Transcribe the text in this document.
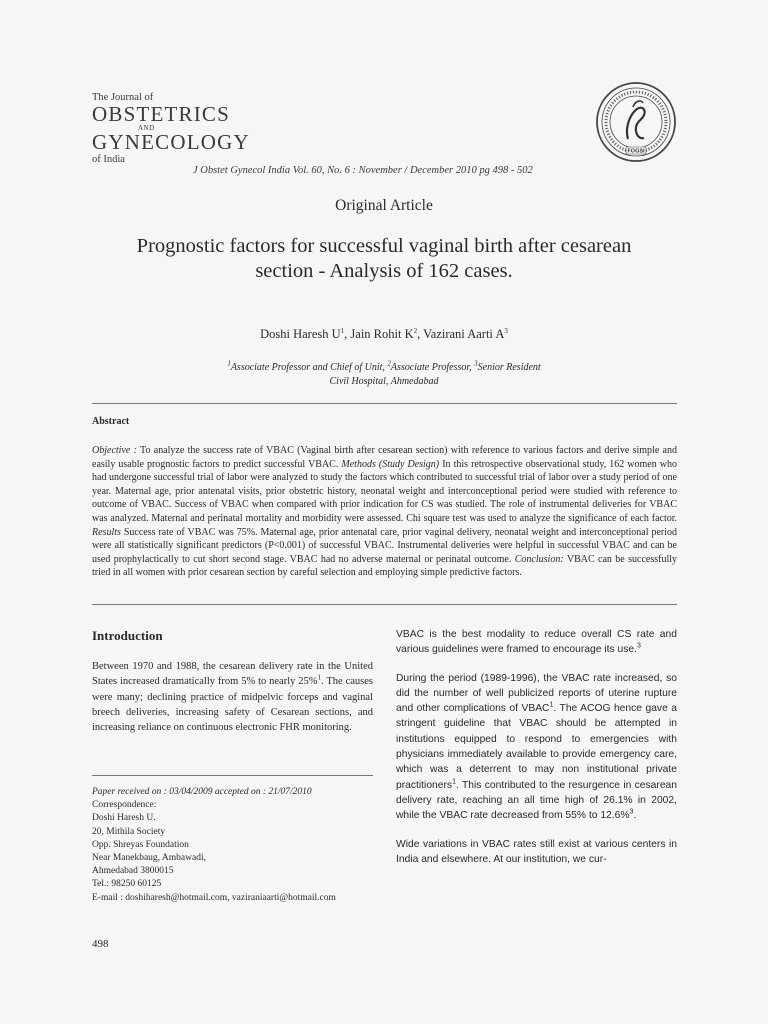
The Journal of
OBSTETRICS
AND
GYNECOLOGY
of India
FOGSI
J Obstet Gynecol India Vol. 60, No. 6 : November / December 2010 pg 498 - 502
Original Article
Prognostic factors for successful vaginal birth after cesarean
section - Analysis of 162 cases.
Doshi Haresh $U^1$, Jain Rohit $K^2$, Vazirani Aarti $A^3$
$^1$Associate Professor and Chief of Unit, $^2$Associate Professor, $^3$Senior Resident
Civil Hospital, Ahmedabad
Abstract
Objective : To analyze the success rate of VBAC (Vaginal birth after cesarean section) with reference to various factors and derive simple and easily usable prognostic factors to predict successful VBAC. Methods (Study Design) In this retrospective observational study, 162 women who had undergone successful trial of labor were analyzed to study the factors which contributed to successful trial of labor over a study period of one year. Maternal age, prior antenatal visits, prior obstetric history, neonatal weight and interconceptional period were studied with reference to outcome of VBAC. Success of VBAC when compared with prior indication for CS was studied. The role of instrumental deliveries for VBAC was analyzed. Maternal and perinatal mortality and morbidity were assessed. Chi square test was used to analyze the significance of each factor. Results Success rate of VBAC was 75%. Maternal age, prior antenatal care, prior vaginal delivery, neonatal weight and interconceptional period were all statistically significant predictors (P<0.001) of successful VBAC. Instrumental deliveries were helpful in successful VBAC and can be used prophylactically to cut short second stage. VBAC had no adverse maternal or perinatal outcome. Conclusion: VBAC can be successfully tried in all women with prior cesarean section by careful selection and employing simple predictive factors.
Introduction

Between 1970 and 1988, the cesarean delivery rate in the United States increased dramatically from 5% to nearly 25%$^1$. The causes were many; declining practice of midpelvic forceps and vaginal breech deliveries, increasing safety of Cesarean sections, and increasing reliance on continuous electronic FHR monitoring.

Paper received on : 03/04/2009 accepted on : 21/07/2010
Correspondence:
Doshi Haresh U.
20, Mithila Society
Opp. Shreyas Foundation
Near Manekbaug, Ambawadi,
Ahmedabad 3800015
Tel.: 98250 60125
E-mail : doshiharesh@hotmail.com, vaziraniaarti@hotmail.com

VBAC is the best modality to reduce overall CS rate and various guidelines were framed to encourage its use.$^3$

During the period (1989-1996), the VBAC rate increased, so did the number of well publicized reports of uterine rupture and other complications of VBAC$^1$. The ACOG hence gave a stringent guideline that VBAC should be attempted in institutions equipped to respond to emergencies with physicians immediately available to provide emergency care, which was a deterrent to may non institutional private practitioners$^1$. This contributed to the resurgence in cesarean delivery rate, reaching an all time high of 26.1% in 2002, while the VBAC rate decreased from 55% to 12.6%$^3$.

Wide variations in VBAC rates still exist at various centers in India and elsewhere. At our institution, we cur-

498
